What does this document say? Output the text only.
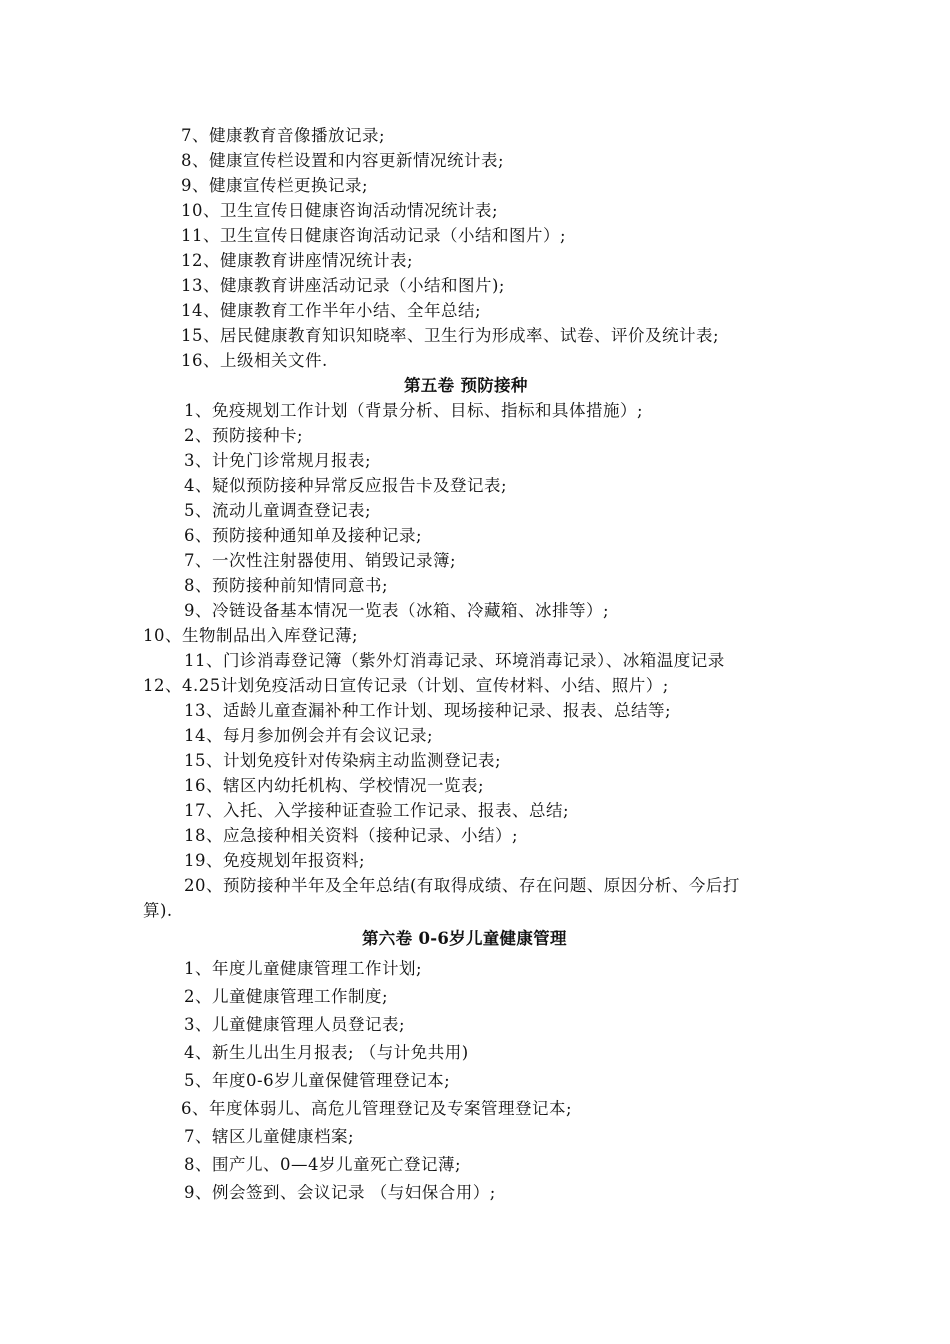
7、健康教育音像播放记录;
8、健康宣传栏设置和内容更新情况统计表;
9、健康宣传栏更换记录;
10、卫生宣传日健康咨询活动情况统计表;
11、卫生宣传日健康咨询活动记录（小结和图片）;
12、健康教育讲座情况统计表;
13、健康教育讲座活动记录（小结和图片);
14、健康教育工作半年小结、全年总结;
15、居民健康教育知识知晓率、卫生行为形成率、试卷、评价及统计表;
16、上级相关文件.
第五卷 预防接种
1、免疫规划工作计划（背景分析、目标、指标和具体措施）;
2、预防接种卡;
3、计免门诊常规月报表;
4、疑似预防接种异常反应报告卡及登记表;
5、流动儿童调查登记表;
6、预防接种通知单及接种记录;
7、一次性注射器使用、销毁记录簿;
8、预防接种前知情同意书;
9、冷链设备基本情况一览表（冰箱、冷藏箱、冰排等）;
10、生物制品出入库登记薄;
11、门诊消毒登记簿（紫外灯消毒记录、环境消毒记录）、冰箱温度记录
12、4.25计划免疫活动日宣传记录（计划、宣传材料、小结、照片）;
13、适龄儿童查漏补种工作计划、现场接种记录、报表、总结等;
14、每月参加例会并有会议记录;
15、计划免疫针对传染病主动监测登记表;
16、辖区内幼托机构、学校情况一览表;
17、入托、入学接种证查验工作记录、报表、总结;
18、应急接种相关资料（接种记录、小结）;
19、免疫规划年报资料;
20、预防接种半年及全年总结(有取得成绩、存在问题、原因分析、今后打
算).
第六卷 0-6岁儿童健康管理
1、年度儿童健康管理工作计划;
2、儿童健康管理工作制度;
3、儿童健康管理人员登记表;
4、新生儿出生月报表; （与计免共用)
5、年度0-6岁儿童保健管理登记本;
6、年度体弱儿、高危儿管理登记及专案管理登记本;
7、辖区儿童健康档案;
8、围产儿、0—4岁儿童死亡登记薄;
9、例会签到、会议记录 （与妇保合用）;
